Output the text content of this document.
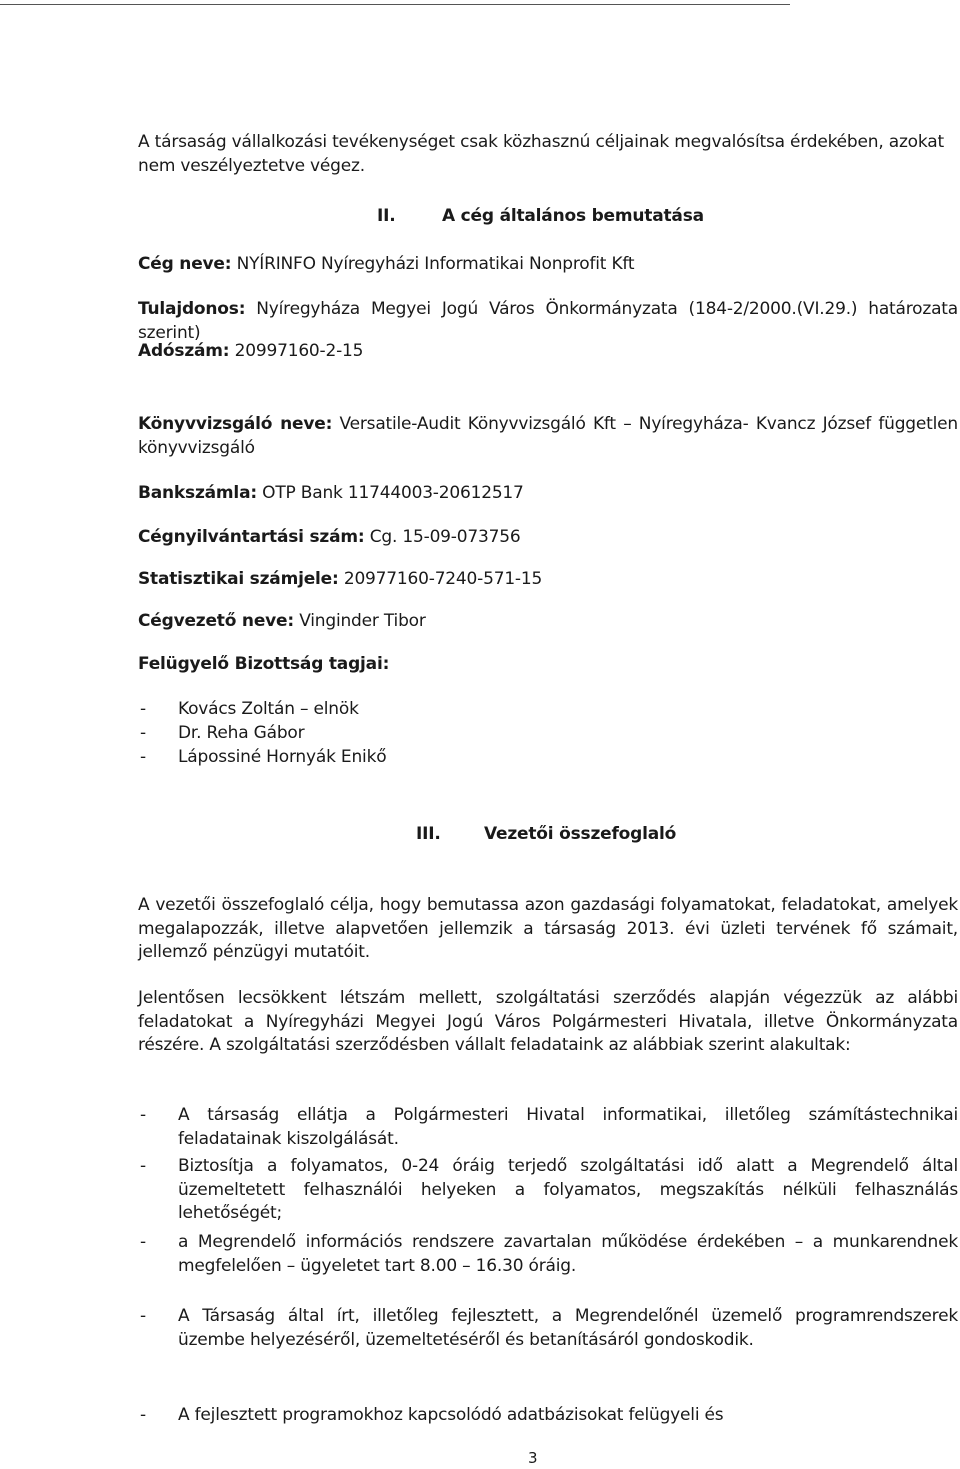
A társaság vállalkozási tevékenységet csak közhasznú céljainak megvalósítsa érdekében, azokat nem veszélyeztetve végez.

II.	A cég általános bemutatása

Cég neve: NYÍRINFO Nyíregyházi Informatikai Nonprofit Kft

Tulajdonos: Nyíregyháza Megyei Jogú Város Önkormányzata (184-2/2000.(VI.29.) határozata szerint)

Adószám: 20997160-2-15

Könyvvizsgáló neve: Versatile-Audit Könyvvizsgáló Kft – Nyíregyháza- Kvancz József független könyvvizsgáló

Bankszámla: OTP Bank 11744003-20612517

Cégnyilvántartási szám: Cg. 15-09-073756

Statisztikai számjele: 20977160-7240-571-15

Cégvezető neve: Vinginder Tibor

Felügyelő Bizottság tagjai:

- Kovács Zoltán – elnök
- Dr. Reha Gábor
- Lápossiné Hornyák Enikő
III.	Vezetői összefoglaló

A vezetői összefoglaló célja, hogy bemutassa azon gazdasági folyamatokat, feladatokat, amelyek megalapozzák, illetve alapvetően jellemzik a társaság 2013. évi üzleti tervének fő számait, jellemző pénzügyi mutatóit.

Jelentősen lecsökkent létszám mellett, szolgáltatási szerződés alapján végezzük az alábbi feladatokat a Nyíregyházi Megyei Jogú Város Polgármesteri Hivatala, illetve Önkormányzata részére. A szolgáltatási szerződésben vállalt feladataink az alábbiak szerint alakultak:

- A társaság ellátja a Polgármesteri Hivatal informatikai, illetőleg számítástechnikai feladatainak kiszolgálását.
- Biztosítja a folyamatos, 0-24 óráig terjedő szolgáltatási idő alatt a Megrendelő által üzemeltetett felhasználói helyeken a folyamatos, megszakítás nélküli felhasználás lehetőségét;
- a Megrendelő információs rendszere zavartalan működése érdekében – a munkarendnek megfelelően – ügyeletet tart 8.00 – 16.30 óráig.
- A Társaság által írt, illetőleg fejlesztett, a Megrendelőnél üzemelő programrendszerek üzembe helyezéséről, üzemeltetéséről és betanításáról gondoskodik.
- A fejlesztett programokhoz kapcsolódó adatbázisokat felügyeli és
3
